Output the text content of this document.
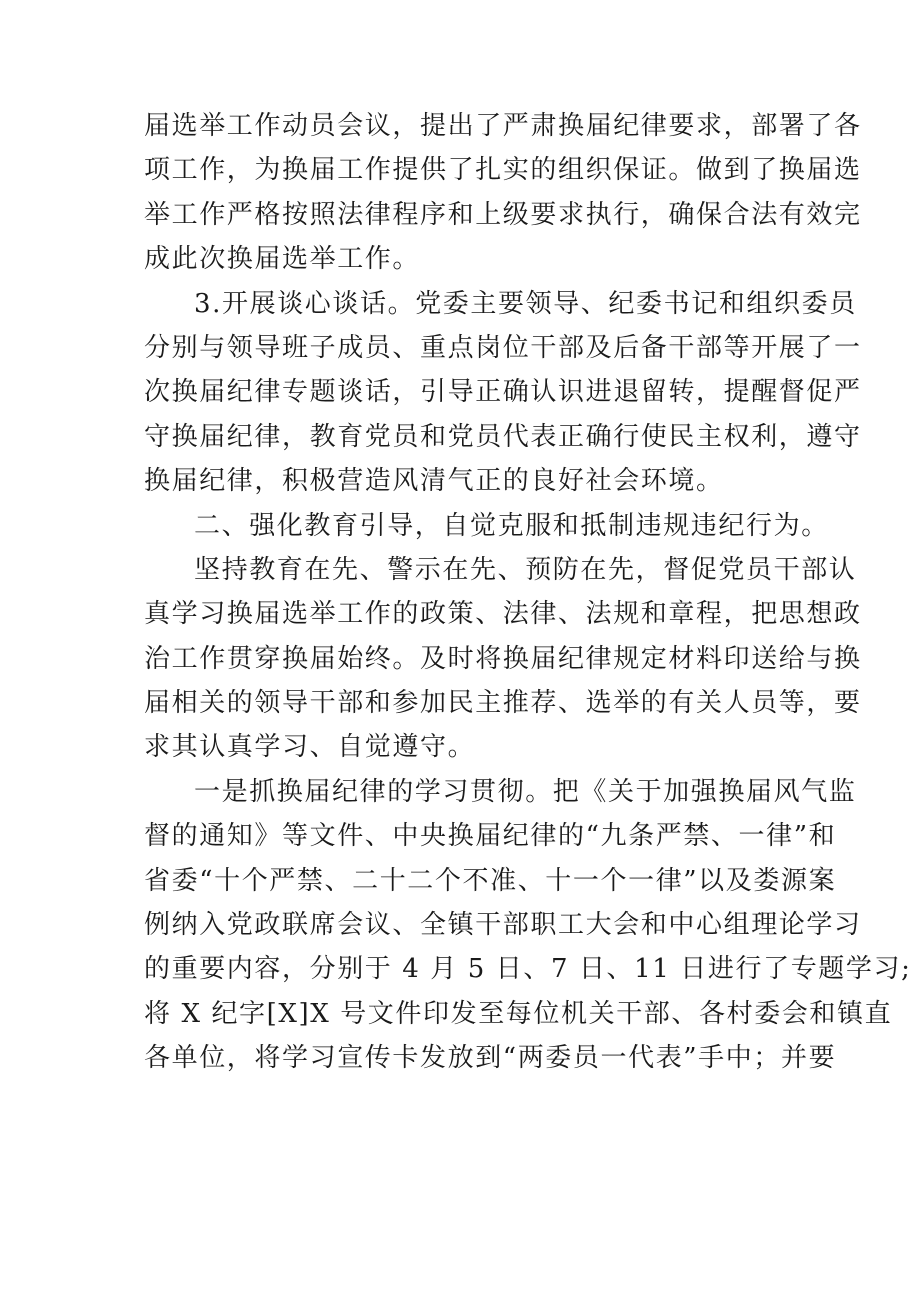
届选举工作动员会议，提出了严肃换届纪律要求，部署了各
项工作，为换届工作提供了扎实的组织保证。做到了换届选
举工作严格按照法律程序和上级要求执行，确保合法有效完
成此次换届选举工作。
3.开展谈心谈话。党委主要领导、纪委书记和组织委员
分别与领导班子成员、重点岗位干部及后备干部等开展了一
次换届纪律专题谈话，引导正确认识进退留转，提醒督促严
守换届纪律，教育党员和党员代表正确行使民主权利，遵守
换届纪律，积极营造风清气正的良好社会环境。
二、强化教育引导，自觉克服和抵制违规违纪行为。
坚持教育在先、警示在先、预防在先，督促党员干部认
真学习换届选举工作的政策、法律、法规和章程，把思想政
治工作贯穿换届始终。及时将换届纪律规定材料印送给与换
届相关的领导干部和参加民主推荐、选举的有关人员等，要
求其认真学习、自觉遵守。
一是抓换届纪律的学习贯彻。把《关于加强换届风气监
督的通知》等文件、中央换届纪律的“九条严禁、一律”和
省委“十个严禁、二十二个不准、十一个一律”以及娄源案
例纳入党政联席会议、全镇干部职工大会和中心组理论学习
的重要内容，分别于 4 月 5 日、7 日、11 日进行了专题学习;
将 X 纪字[X]X 号文件印发至每位机关干部、各村委会和镇直
各单位，将学习宣传卡发放到“两委员一代表”手中；并要
